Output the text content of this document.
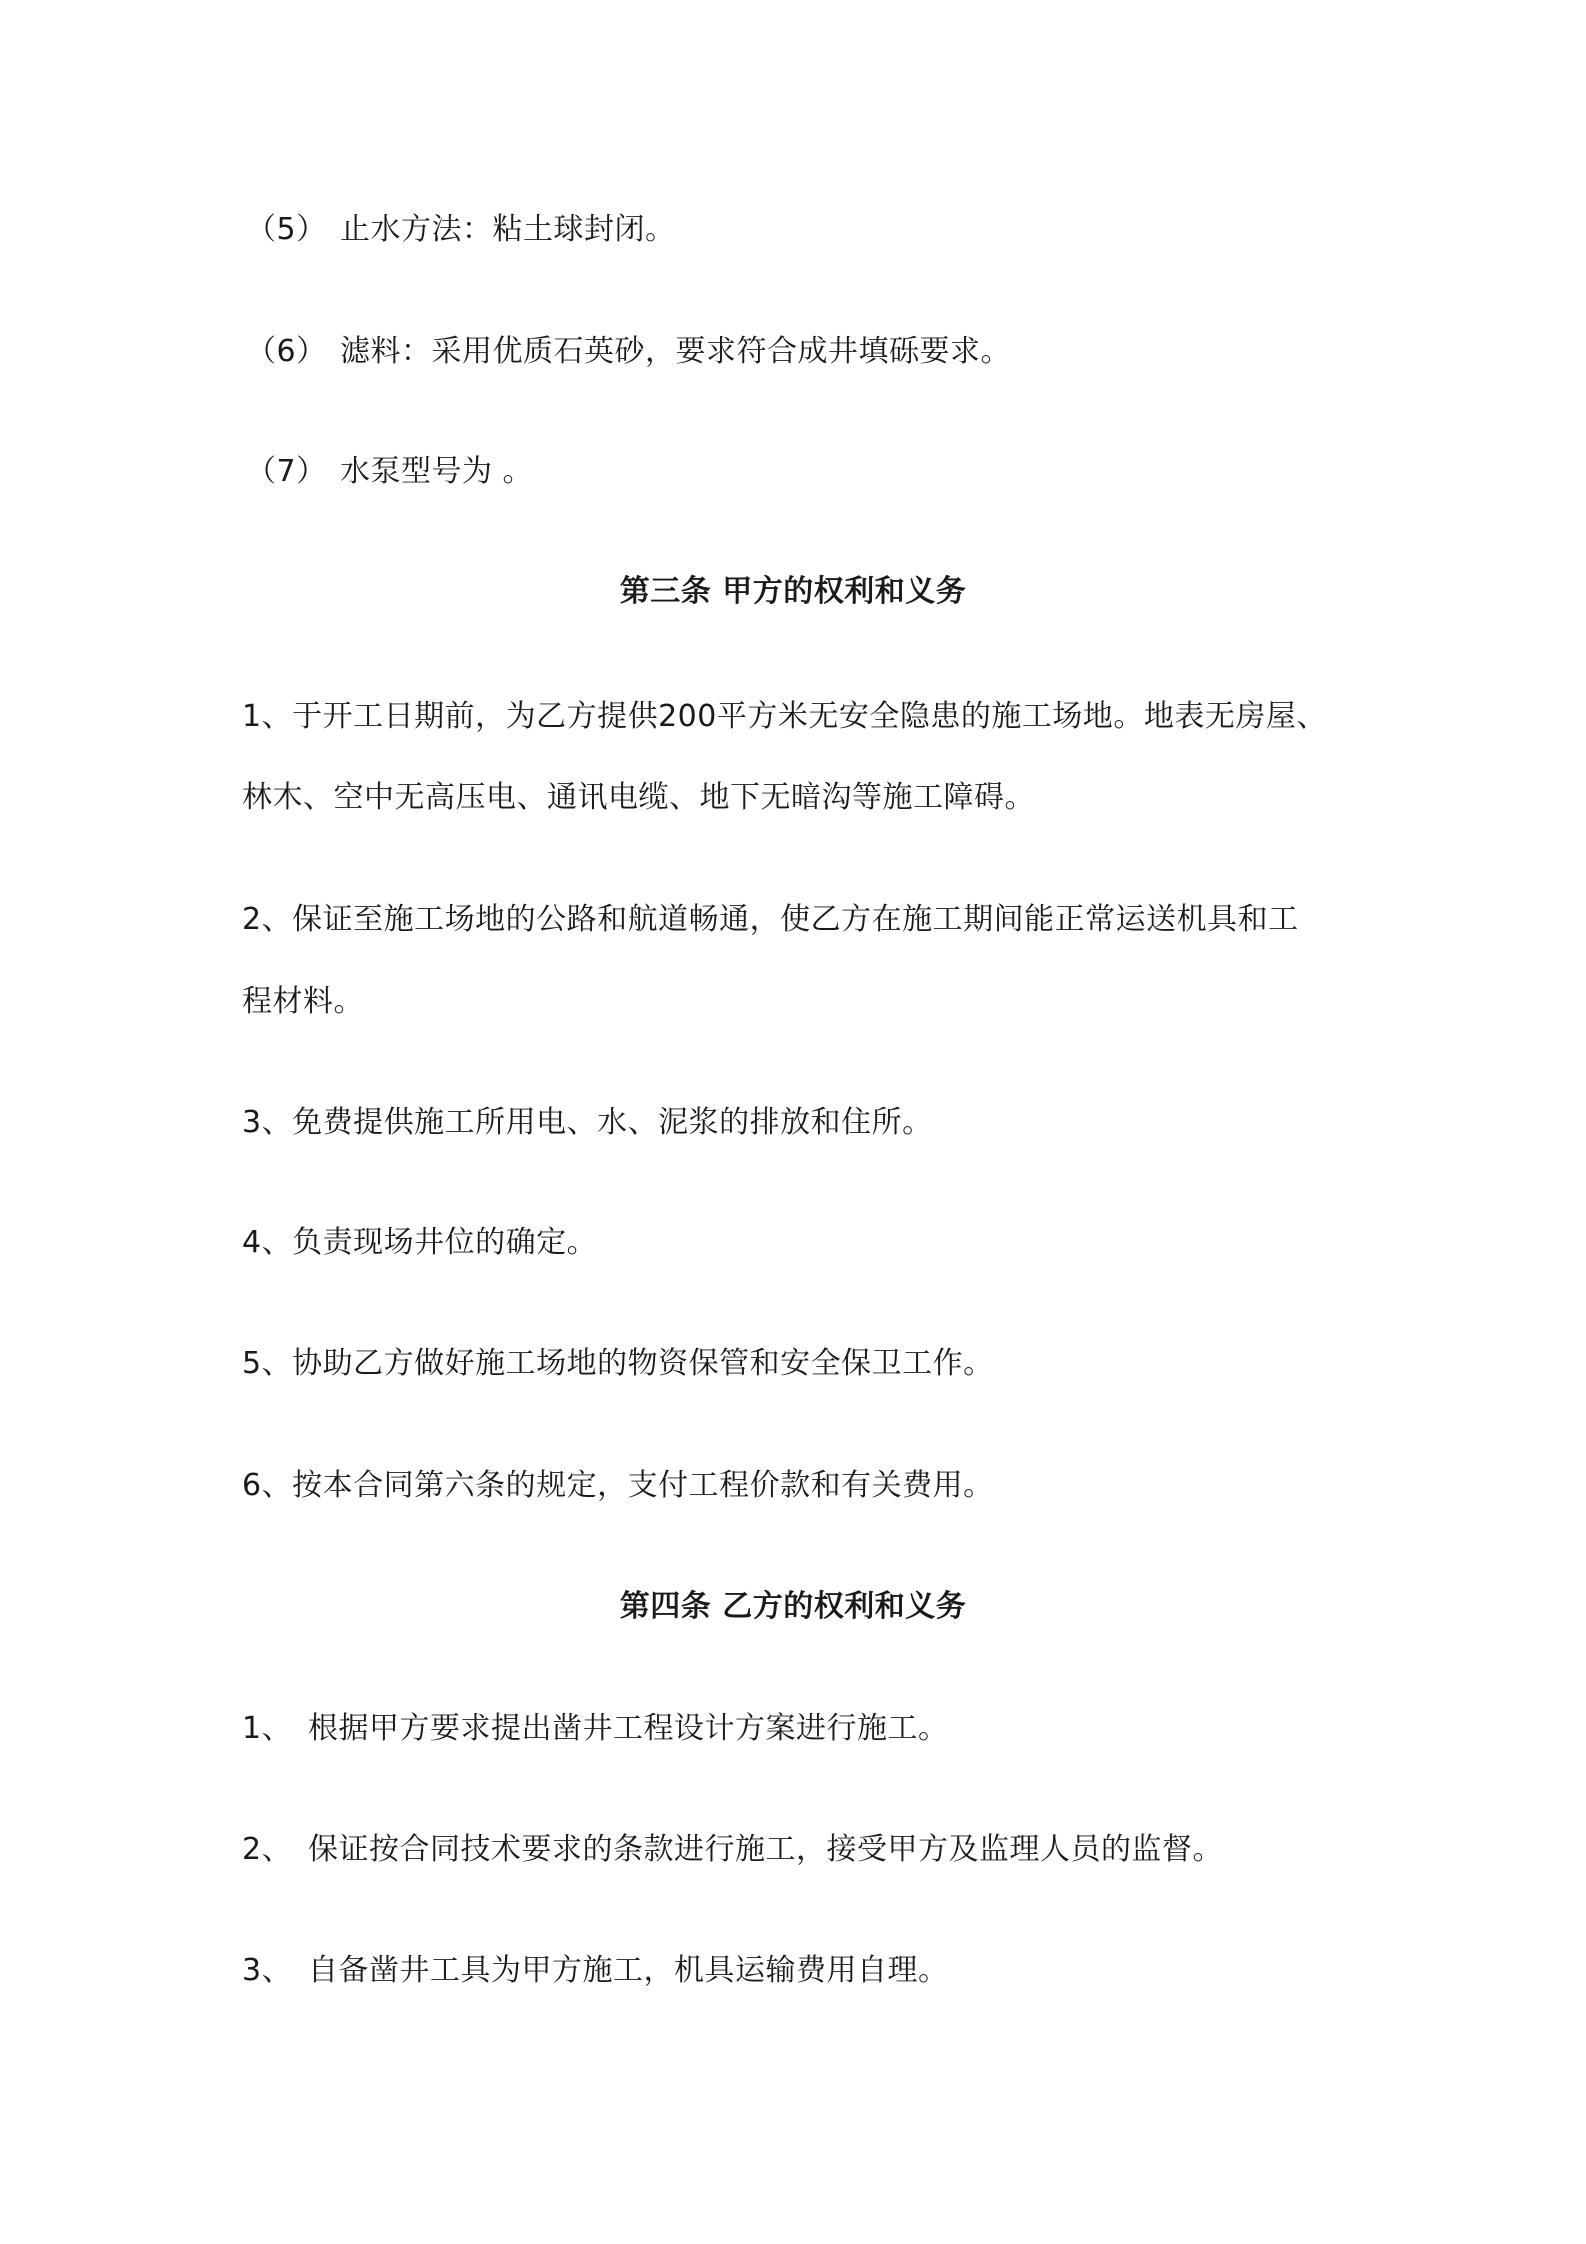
（5） 止水方法：粘土球封闭。
（6） 滤料：采用优质石英砂，要求符合成井填砾要求。
（7） 水泵型号为 。
第三条 甲方的权利和义务
1、于开工日期前，为乙方提供200平方米无安全隐患的施工场地。地表无房屋、
林木、空中无高压电、通讯电缆、地下无暗沟等施工障碍。
2、保证至施工场地的公路和航道畅通，使乙方在施工期间能正常运送机具和工
程材料。
3、免费提供施工所用电、水、泥浆的排放和住所。
4、负责现场井位的确定。
5、协助乙方做好施工场地的物资保管和安全保卫工作。
6、按本合同第六条的规定，支付工程价款和有关费用。
第四条 乙方的权利和义务
1、 根据甲方要求提出凿井工程设计方案进行施工。
2、 保证按合同技术要求的条款进行施工，接受甲方及监理人员的监督。
3、 自备凿井工具为甲方施工，机具运输费用自理。
